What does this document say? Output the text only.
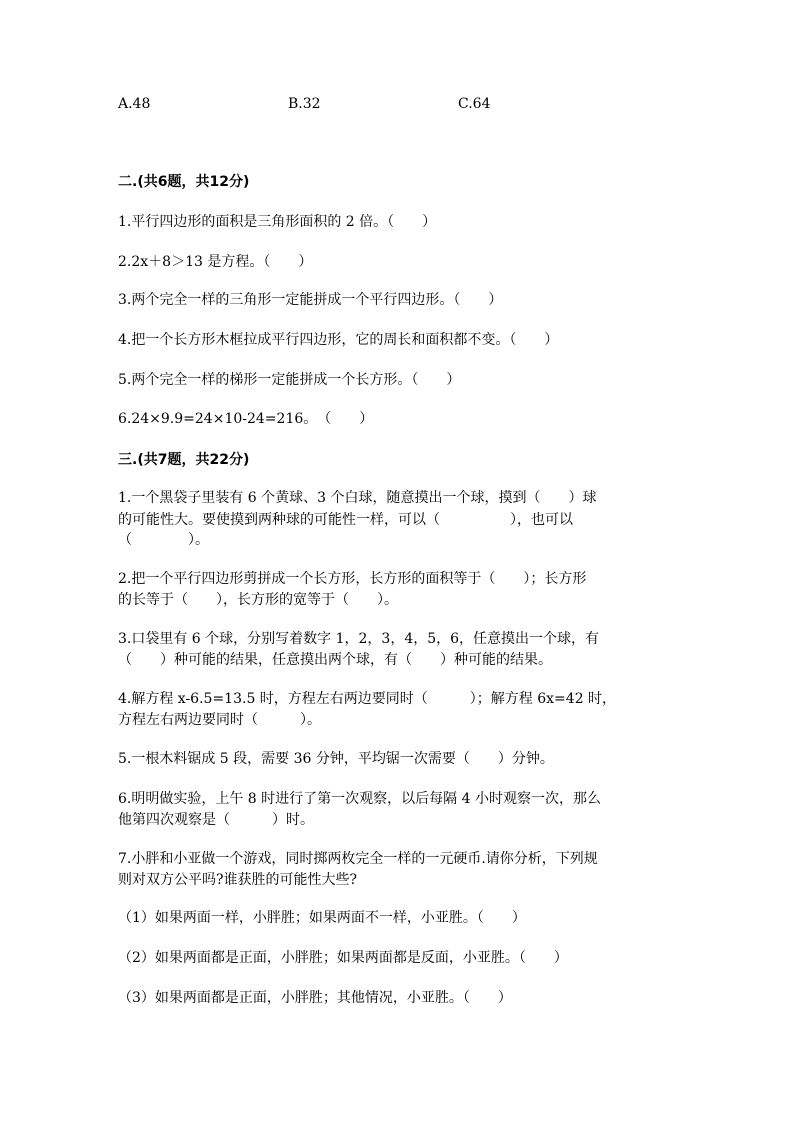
A.48	B.32	C.64
二.(共6题，共12分)
1.平行四边形的面积是三角形面积的 2 倍。（　　）
2.2x＋8＞13 是方程。（　　）
3.两个完全一样的三角形一定能拼成一个平行四边形。（　　）
4.把一个长方形木框拉成平行四边形，它的周长和面积都不变。（　　）
5.两个完全一样的梯形一定能拼成一个长方形。（　　）
6.24×9.9=24×10-24=216。　（　　）
三.(共7题，共22分)
1.一个黑袋子里装有 6 个黄球、3 个白球，随意摸出一个球，摸到（　　）球
的可能性大。要使摸到两种球的可能性一样，可以（　　　　　），也可以
（　　　　）。
2.把一个平行四边形剪拼成一个长方形，长方形的面积等于（　　）；长方形
的长等于（　　），长方形的宽等于（　　）。
3.口袋里有 6 个球，分别写着数字 1，2，3，4，5，6，任意摸出一个球，有
（　　）种可能的结果，任意摸出两个球，有（　　）种可能的结果。
4.解方程 x-6.5=13.5 时，方程左右两边要同时（　　　）；解方程 6x=42 时，
方程左右两边要同时（　　　）。
5.一根木料锯成 5 段，需要 36 分钟，平均锯一次需要（　　）分钟。
6.明明做实验，上午 8 时进行了第一次观察，以后每隔 4 小时观察一次，那么
他第四次观察是（　　　）时。
7.小胖和小亚做一个游戏，同时掷两枚完全一样的一元硬币.请你分析，下列规
则对双方公平吗?谁获胜的可能性大些?
（1）如果两面一样，小胖胜；如果两面不一样，小亚胜。（　　）
（2）如果两面都是正面，小胖胜；如果两面都是反面，小亚胜。（　　）
（3）如果两面都是正面，小胖胜；其他情况，小亚胜。（　　）
